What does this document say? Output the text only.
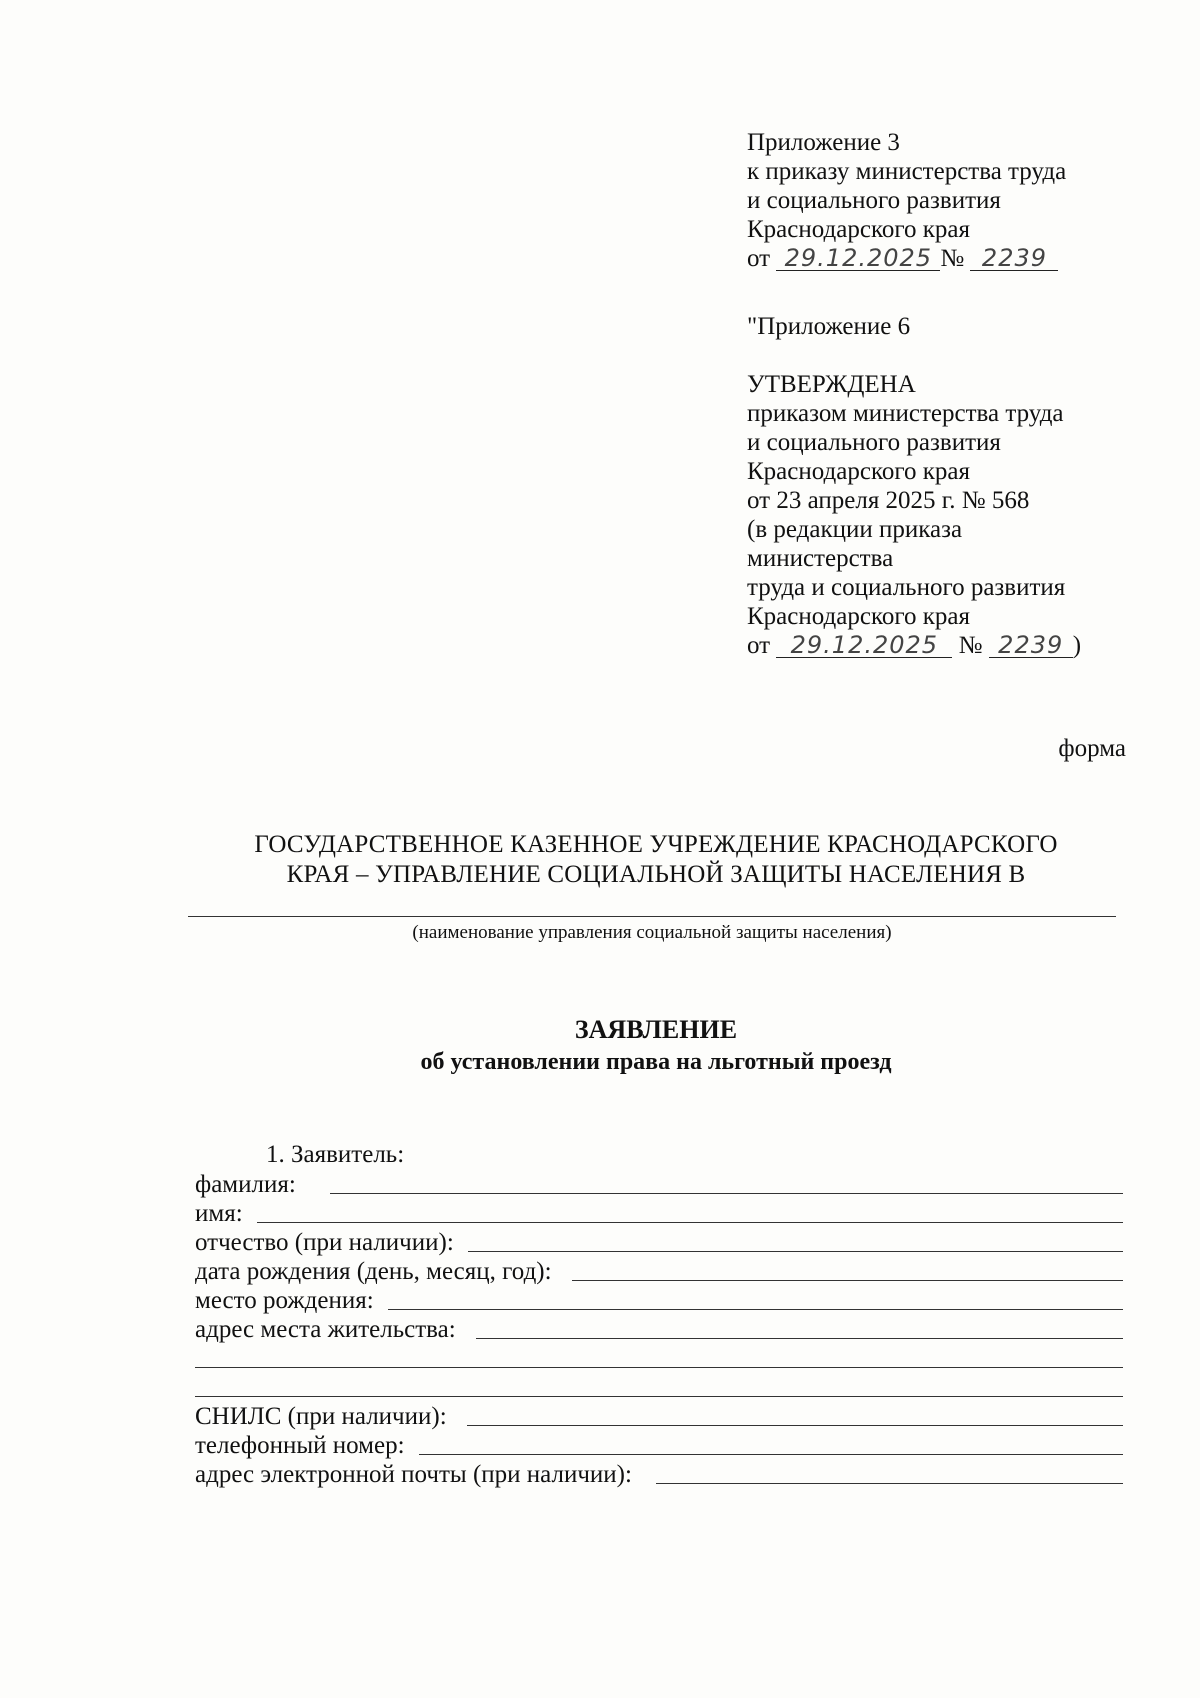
Приложение 3
к приказу министерства труда
и социального развития
Краснодарского края
от 29.12.2025 № 2239
"Приложение 6
УТВЕРЖДЕНА
приказом министерства труда
и социального развития
Краснодарского края
от 23 апреля 2025 г. № 568
(в редакции приказа
министерства
труда и социального развития
Краснодарского края
от 29.12.2025 № 2239 )
форма
ГОСУДАРСТВЕННОЕ КАЗЕННОЕ УЧРЕЖДЕНИЕ КРАСНОДАРСКОГО
КРАЯ – УПРАВЛЕНИЕ СОЦИАЛЬНОЙ ЗАЩИТЫ НАСЕЛЕНИЯ В
(наименование управления социальной защиты населения)
ЗАЯВЛЕНИЕ
об установлении права на льготный проезд
1. Заявитель:
фамилия:
имя:
отчество (при наличии):
дата рождения (день, месяц, год):
место рождения:
адрес места жительства:
СНИЛС (при наличии):
телефонный номер:
адрес электронной почты (при наличии):
